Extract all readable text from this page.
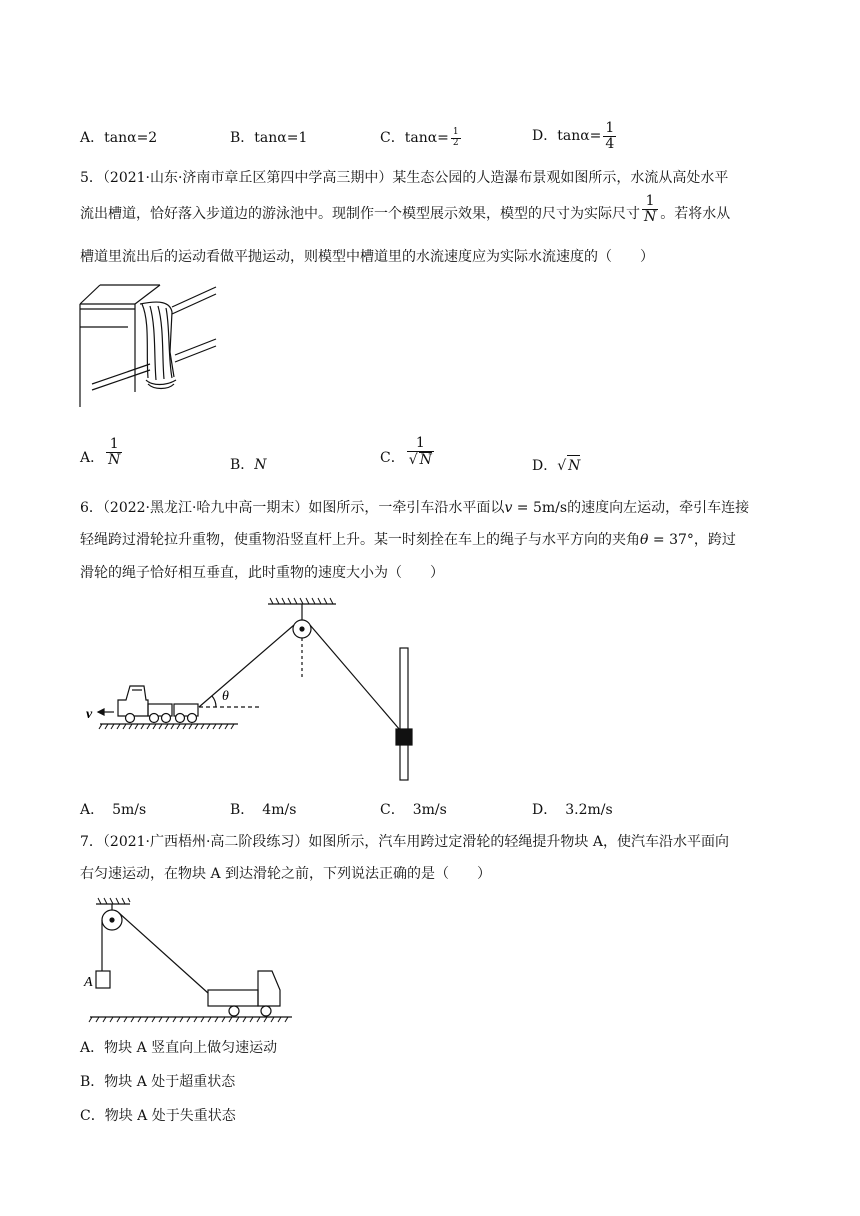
A．tanα=2	B．tanα=1	C．$\tan\alpha= \frac{1}{2}$	D．$\tan\alpha= \frac{1}{4}$
5．（2021·山东·济南市章丘区第四中学高三期中）某生态公园的人造瀑布景观如图所示，水流从高处水平
流出槽道，恰好落入步道边的游泳池中。现制作一个模型展示效果，模型的尺寸为实际尺寸 $\frac{1}{N}$ 。若将水从
槽道里流出后的运动看做平抛运动，则模型中槽道里的水流速度应为实际水流速度的（　　）
A． $\frac{1}{N}$	B．N	C． $\frac{1}{√ N}$	D．√ N
6．（2022·黑龙江·哈九中高一期末）如图所示，一牵引车沿水平面以v = 5m/s的速度向左运动，牵引车连接
轻绳跨过滑轮拉升重物，使重物沿竖直杆上升。某一时刻拴在车上的绳子与水平方向的夹角θ = 37°，跨过
滑轮的绳子恰好相互垂直，此时重物的速度大小为（　　）
v
θ
A． 5m/s	B． 4m/s	C． 3m/s	D． 3.2m/s
7．（2021·广西梧州·高二阶段练习）如图所示，汽车用跨过定滑轮的轻绳提升物块 A，使汽车沿水平面向
右匀速运动，在物块 A 到达滑轮之前，下列说法正确的是（　　）
A
A．物块 A 竖直向上做匀速运动
B．物块 A 处于超重状态
C．物块 A 处于失重状态
